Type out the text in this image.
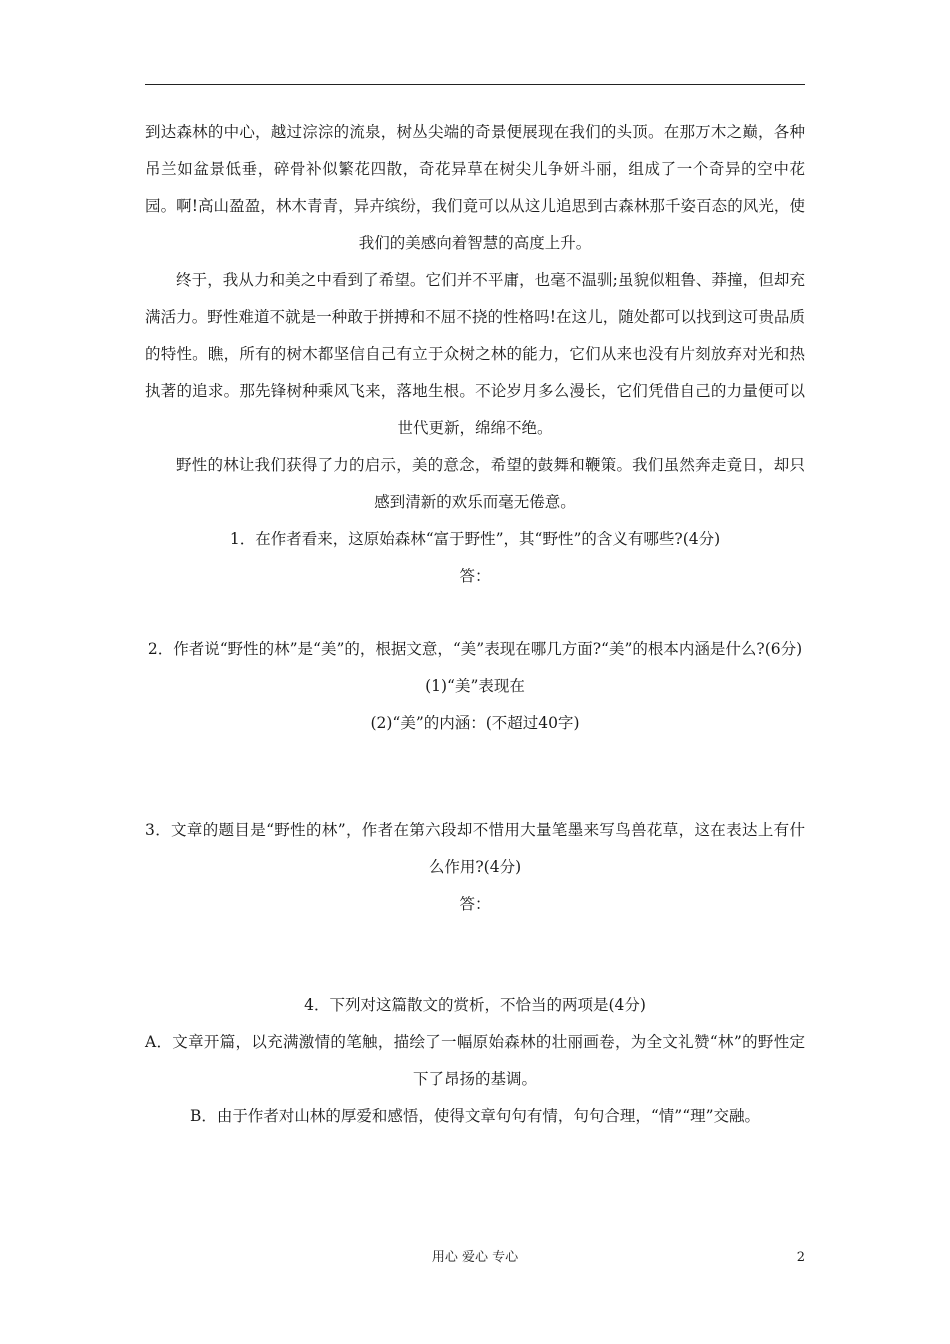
到达森林的中心，越过淙淙的流泉，树丛尖端的奇景便展现在我们的头顶。在那万木之巅，各种吊兰如盆景低垂，碎骨补似繁花四散，奇花异草在树尖儿争妍斗丽，组成了一个奇异的空中花园。啊!高山盈盈，林木青青，异卉缤纷，我们竟可以从这儿追思到古森林那千姿百态的风光，使我们的美感向着智慧的高度上升。

终于，我从力和美之中看到了希望。它们并不平庸，也毫不温驯;虽貌似粗鲁、莽撞，但却充满活力。野性难道不就是一种敢于拼搏和不屈不挠的性格吗!在这儿，随处都可以找到这可贵品质的特性。瞧，所有的树木都坚信自己有立于众树之林的能力，它们从来也没有片刻放弃对光和热执著的追求。那先锋树种乘风飞来，落地生根。不论岁月多么漫长，它们凭借自己的力量便可以世代更新，绵绵不绝。

野性的林让我们获得了力的启示，美的意念，希望的鼓舞和鞭策。我们虽然奔走竟日，却只感到清新的欢乐而毫无倦意。

1．在作者看来，这原始森林“富于野性”，其“野性”的含义有哪些?(4分)

答：

2．作者说“野性的林”是“美”的，根据文意，“美”表现在哪几方面?“美”的根本内涵是什么?(6分)

(1)“美”表现在

(2)“美”的内涵：(不超过40字)

3．文章的题目是“野性的林”，作者在第六段却不惜用大量笔墨来写鸟兽花草，这在表达上有什么作用?(4分)

答：

4．下列对这篇散文的赏析，不恰当的两项是(4分)

A．文章开篇，以充满激情的笔触，描绘了一幅原始森林的壮丽画卷，为全文礼赞“林”的野性定下了昂扬的基调。

B．由于作者对山林的厚爱和感悟，使得文章句句有情，句句合理，“情”“理”交融。

用心 爱心 专心	2
